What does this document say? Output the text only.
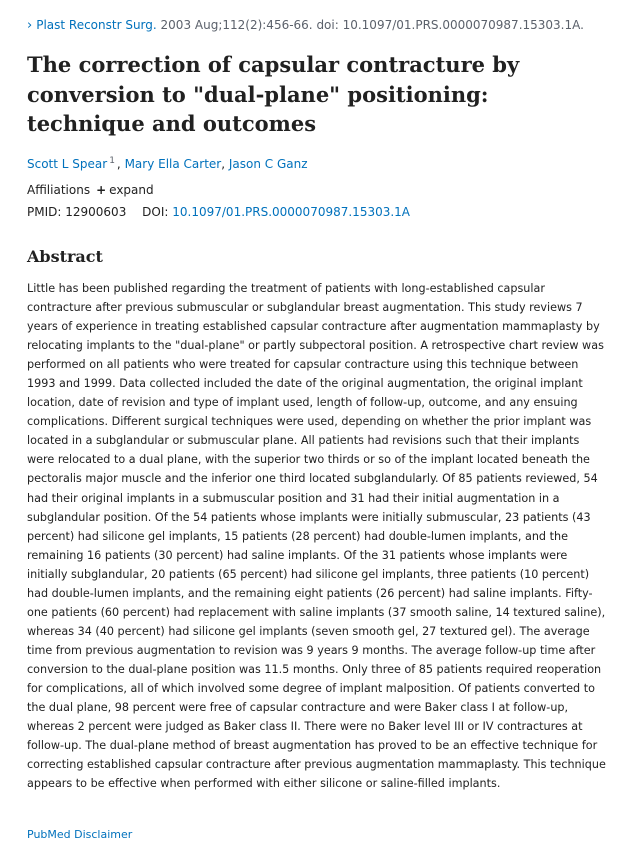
› Plast Reconstr Surg. 2003 Aug;112(2):456-66. doi: 10.1097/01.PRS.0000070987.15303.1A.
The correction of capsular contracture by conversion to "dual-plane" positioning: technique and outcomes
Scott L Spear $^1$ , Mary Ella Carter, Jason C Ganz
Affiliations + expand
PMID: 12900603 DOI: 10.1097/01.PRS.0000070987.15303.1A
Abstract

Little has been published regarding the treatment of patients with long-established capsular contracture after previous submuscular or subglandular breast augmentation. This study reviews 7 years of experience in treating established capsular contracture after augmentation mammaplasty by relocating implants to the "dual-plane" or partly subpectoral position. A retrospective chart review was performed on all patients who were treated for capsular contracture using this technique between 1993 and 1999. Data collected included the date of the original augmentation, the original implant location, date of revision and type of implant used, length of follow-up, outcome, and any ensuing complications. Different surgical techniques were used, depending on whether the prior implant was located in a subglandular or submuscular plane. All patients had revisions such that their implants were relocated to a dual plane, with the superior two thirds or so of the implant located beneath the pectoralis major muscle and the inferior one third located subglandularly. Of 85 patients reviewed, 54 had their original implants in a submuscular position and 31 had their initial augmentation in a subglandular position. Of the 54 patients whose implants were initially submuscular, 23 patients (43 percent) had silicone gel implants, 15 patients (28 percent) had double-lumen implants, and the remaining 16 patients (30 percent) had saline implants. Of the 31 patients whose implants were initially subglandular, 20 patients (65 percent) had silicone gel implants, three patients (10 percent) had double-lumen implants, and the remaining eight patients (26 percent) had saline implants. Fifty-one patients (60 percent) had replacement with saline implants (37 smooth saline, 14 textured saline), whereas 34 (40 percent) had silicone gel implants (seven smooth gel, 27 textured gel). The average time from previous augmentation to revision was 9 years 9 months. The average follow-up time after conversion to the dual-plane position was 11.5 months. Only three of 85 patients required reoperation for complications, all of which involved some degree of implant malposition. Of patients converted to the dual plane, 98 percent were free of capsular contracture and were Baker class I at follow-up, whereas 2 percent were judged as Baker class II. There were no Baker level III or IV contractures at follow-up. The dual-plane method of breast augmentation has proved to be an effective technique for correcting established capsular contracture after previous augmentation mammaplasty. This technique appears to be effective when performed with either silicone or saline-filled implants.

PubMed Disclaimer
